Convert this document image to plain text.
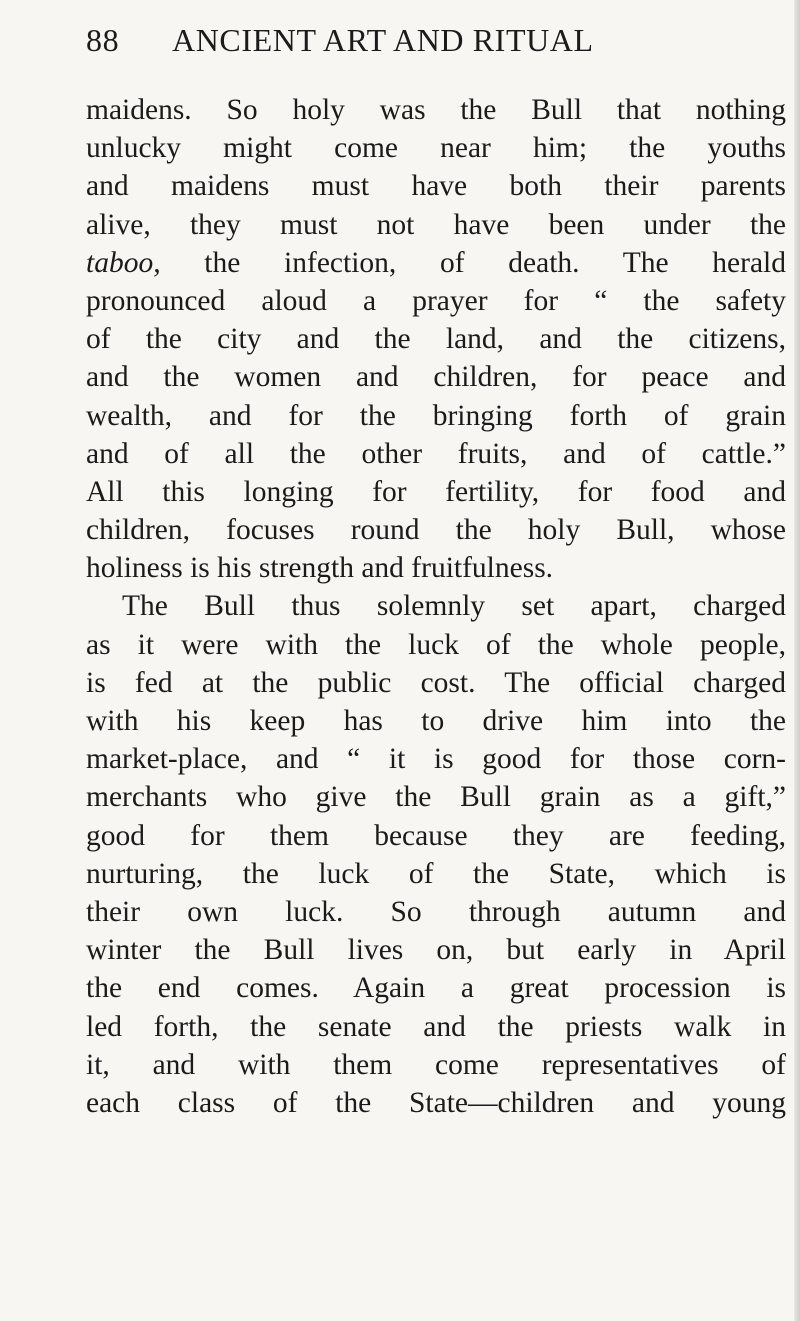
88 ANCIENT ART AND RITUAL
maidens. So holy was the Bull that nothing
unlucky might come near him; the youths
and maidens must have both their parents
alive, they must not have been under the
taboo, the infection, of death. The herald
pronounced aloud a prayer for “ the safety
of the city and the land, and the citizens,
and the women and children, for peace and
wealth, and for the bringing forth of grain
and of all the other fruits, and of cattle.”
All this longing for fertility, for food and
children, focuses round the holy Bull, whose
holiness is his strength and fruitfulness.
The Bull thus solemnly set apart, charged
as it were with the luck of the whole people,
is fed at the public cost. The official charged
with his keep has to drive him into the
market-place, and “ it is good for those corn-
merchants who give the Bull grain as a gift,”
good for them because they are feeding,
nurturing, the luck of the State, which is
their own luck. So through autumn and
winter the Bull lives on, but early in April
the end comes. Again a great procession is
led forth, the senate and the priests walk in
it, and with them come representatives of
each class of the State—children and young
